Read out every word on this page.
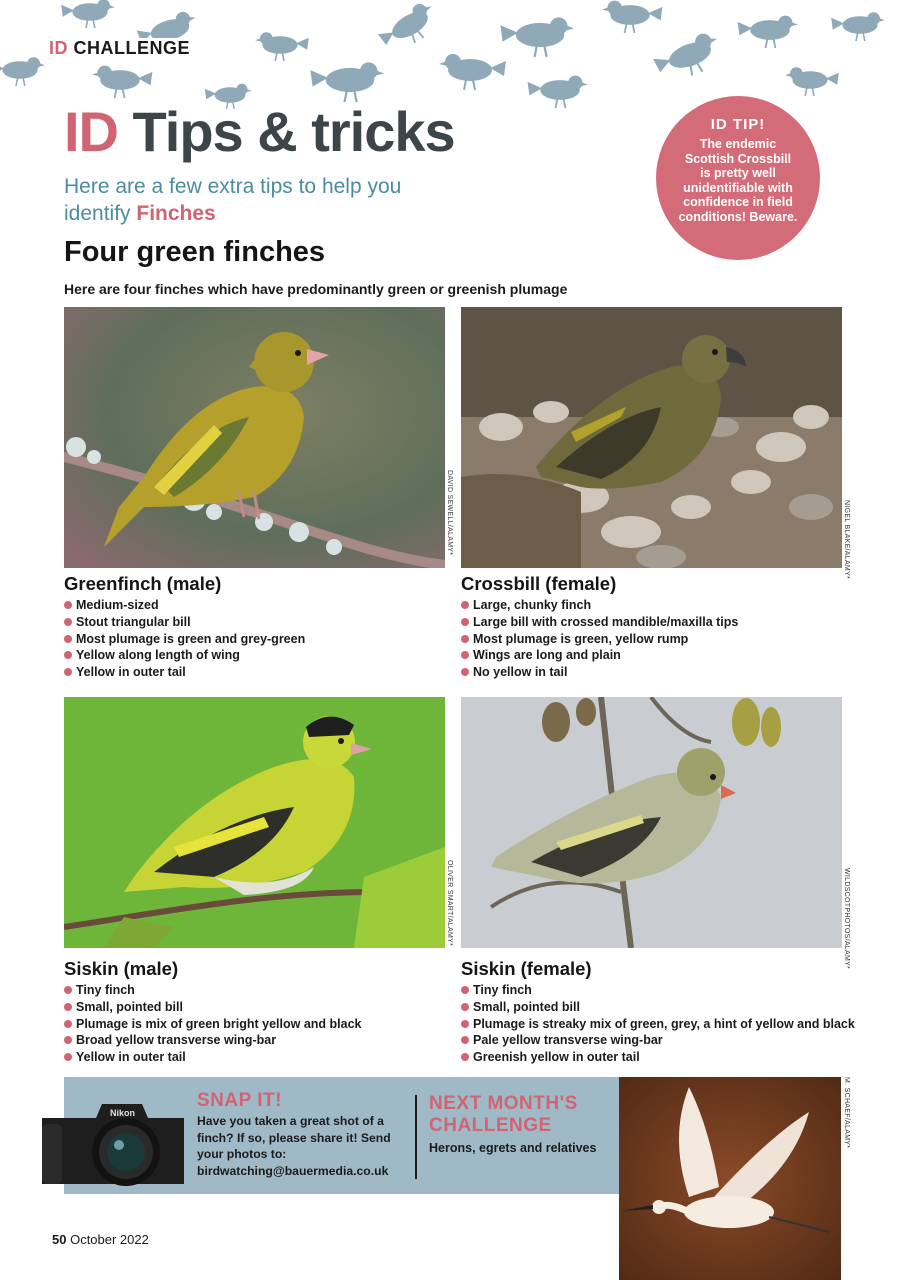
ID CHALLENGE
ID Tips & tricks
Here are a few extra tips to help you identify Finches
ID TIP!
The endemic Scottish Crossbill is pretty well unidentifiable with confidence in field conditions! Beware.
Four green finches
Here are four finches which have predominantly green or greenish plumage
DAVID SEWELL/ALAMY*	NIGEL BLAKE/ALAMY*
Greenfinch (male)
Medium-sized
Stout triangular bill
Most plumage is green and grey-green
Yellow along length of wing
Yellow in outer tail
Crossbill (female)
Large, chunky finch
Large bill with crossed mandible/maxilla tips
Most plumage is green, yellow rump
Wings are long and plain
No yellow in tail
OLIVER SMART/ALAMY*	WILDSCOTPHOTOS/ALAMY*
Siskin (male)
Tiny finch
Small, pointed bill
Plumage is mix of green bright yellow and black
Broad yellow transverse wing-bar
Yellow in outer tail
Siskin (female)
Tiny finch
Small, pointed bill
Plumage is streaky mix of green, grey, a hint of yellow and black
Pale yellow transverse wing-bar
Greenish yellow in outer tail
Nikon
SNAP IT!
Have you taken a great shot of a finch? If so, please share it! Send your photos to: birdwatching@bauermedia.co.uk
NEXT MONTH'S CHALLENGE
Herons, egrets and relatives	M. SCHAEF/ALAMY*
50 October 2022
